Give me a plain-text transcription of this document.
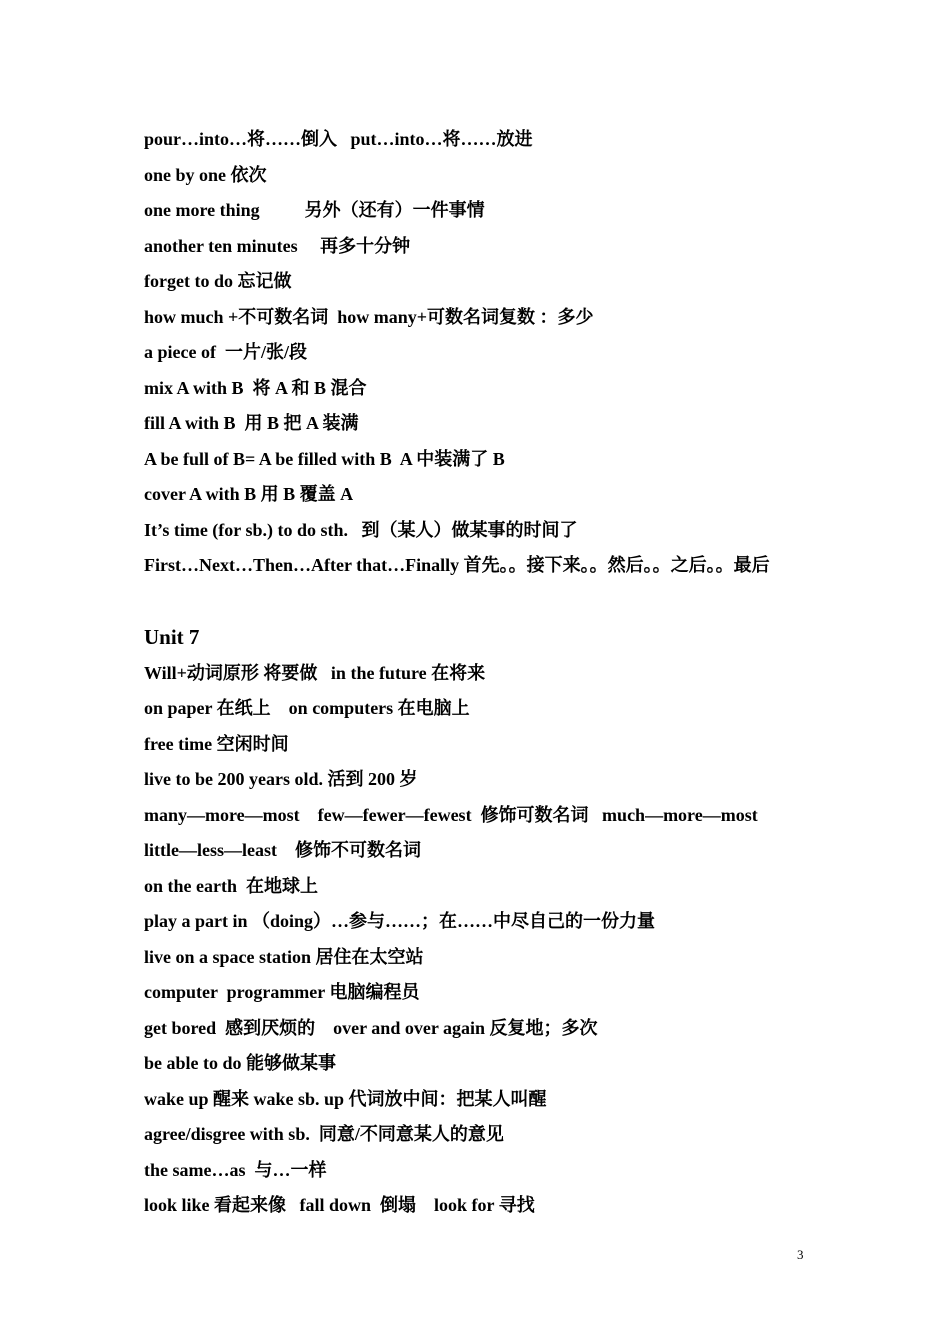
pour…into…将……倒入   put…into…将……放进
one by one 依次
one more thing          另外（还有）一件事情
another ten minutes     再多十分钟
forget to do 忘记做
how much +不可数名词  how many+可数名词复数 ：多少
a piece of  一片/张/段
mix A with B  将 A 和 B 混合
fill A with B  用 B 把 A 装满
A be full of B= A be filled with B  A 中装满了 B
cover A with B 用 B 覆盖 A
It’s time (for sb.) to do sth.   到（某人）做某事的时间了
First…Next…Then…After that…Finally 首先。。接下来。。然后。。之后。。最后
Unit 7
Will+动词原形 将要做   in the future 在将来
on paper 在纸上    on computers 在电脑上
free time 空闲时间
live to be 200 years old. 活到 200 岁
many—more—most    few—fewer—fewest  修饰可数名词   much—more—most
little—less—least    修饰不可数名词
on the earth  在地球上
play a part in （doing）…参与……；在……中尽自己的一份力量
live on a space station 居住在太空站
computer  programmer 电脑编程员
get bored  感到厌烦的    over and over again 反复地；多次
be able to do 能够做某事
wake up 醒来 wake sb. up 代词放中间：把某人叫醒
agree/disgree with sb.  同意/不同意某人的意见
the same…as  与…一样
look like 看起来像   fall down  倒塌    look for 寻找
3
